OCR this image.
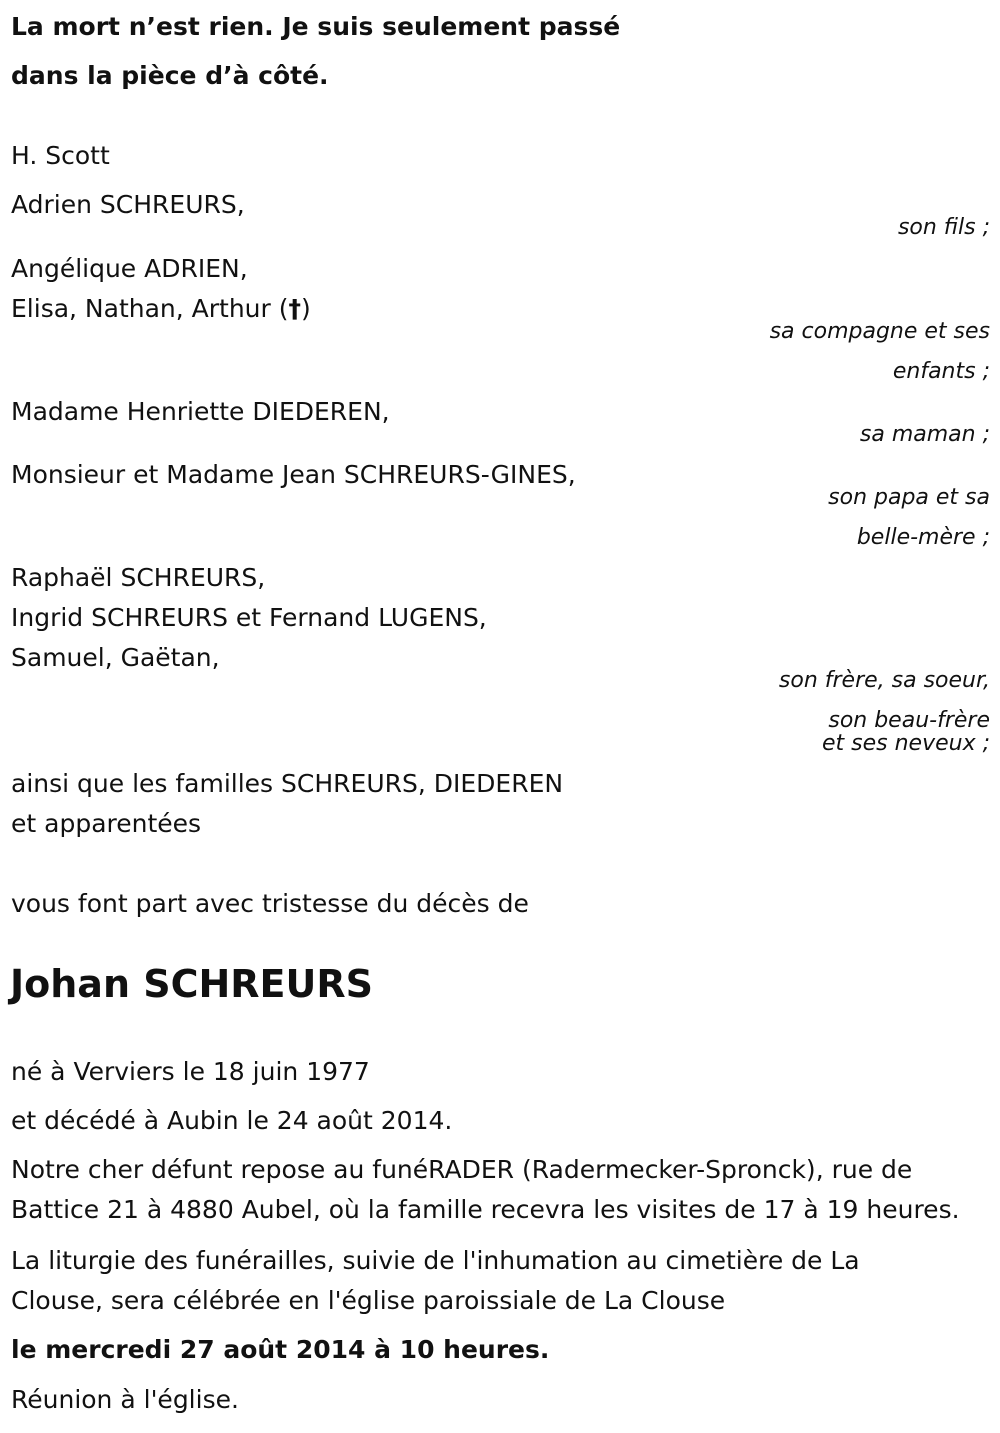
La mort n’est rien. Je suis seulement passé
dans la pièce d’à côté.
H. Scott
Adrien SCHREURS,
son fils ;
Angélique ADRIEN,
Elisa, Nathan, Arthur (†)
sa compagne et ses
enfants ;
Madame Henriette DIEDEREN,
sa maman ;
Monsieur et Madame Jean SCHREURS-GINES,
son papa et sa
belle-mère ;
Raphaël SCHREURS,
Ingrid SCHREURS et Fernand LUGENS,
Samuel, Gaëtan,
son frère, sa soeur,
son beau-frère
et ses neveux ;
ainsi que les familles SCHREURS, DIEDEREN
et apparentées
vous font part avec tristesse du décès de
Johan SCHREURS
né à Verviers le 18 juin 1977
et décédé à Aubin le 24 août 2014.
Notre cher défunt repose au funéRADER (Radermecker-Spronck), rue de
Battice 21 à 4880 Aubel, où la famille recevra les visites de 17 à 19 heures.
La liturgie des funérailles, suivie de l'inhumation au cimetière de La
Clouse, sera célébrée en l'église paroissiale de La Clouse
le mercredi 27 août 2014 à 10 heures.
Réunion à l'église.
